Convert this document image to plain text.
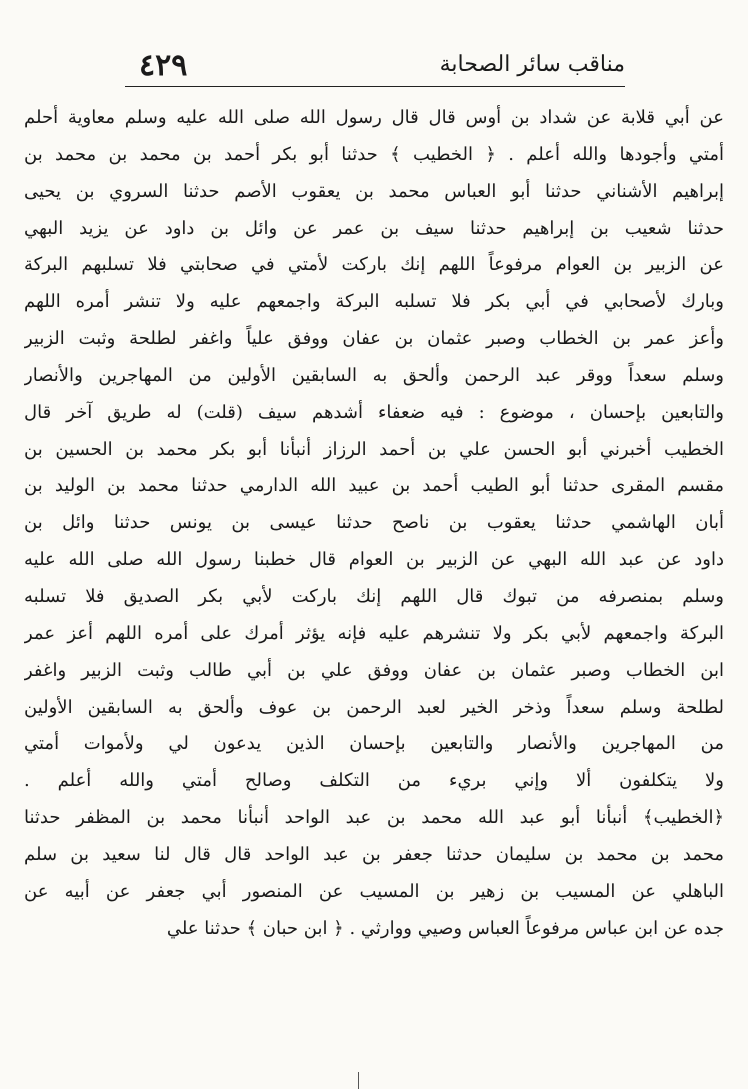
مناقب سائر الصحابة
٤٢٩
عن أبي قلابة عن شداد بن أوس قال قال رسول الله صلى الله عليه وسلم معاوية أحلم
أمتي وأجودها والله أعلم . ﴿ الخطيب ﴾ حدثنا أبو بكر أحمد بن محمد بن محمد بن
إبراهيم الأشناني حدثنا أبو العباس محمد بن يعقوب الأصم حدثنا السروي بن يحيى
حدثنا شعيب بن إبراهيم حدثنا سيف بن عمر عن وائل بن داود عن يزيد البهي
عن الزبير بن العوام مرفوعاً اللهم إنك باركت لأمتي في صحابتي فلا تسلبهم البركة
وبارك لأصحابي في أبي بكر فلا تسلبه البركة واجمعهم عليه ولا تنشر أمره اللهم
وأعز عمر بن الخطاب وصبر عثمان بن عفان ووفق علياً واغفر لطلحة وثبت الزبير
وسلم سعداً ووقر عبد الرحمن وألحق به السابقين الأولين من المهاجرين والأنصار
والتابعين بإحسان ، موضوع : فيه ضعفاء أشدهم سيف (قلت) له طريق آخر قال
الخطيب أخبرني أبو الحسن علي بن أحمد الرزاز أنبأنا أبو بكر محمد بن الحسين بن
مقسم المقرى حدثنا أبو الطيب أحمد بن عبيد الله الدارمي حدثنا محمد بن الوليد بن
أبان الهاشمي حدثنا يعقوب بن ناصح حدثنا عيسى بن يونس حدثنا وائل بن
داود عن عبد الله البهي عن الزبير بن العوام قال خطبنا رسول الله صلى الله عليه
وسلم بمنصرفه من تبوك قال اللهم إنك باركت لأبي بكر الصديق فلا تسلبه
البركة واجمعهم لأبي بكر ولا تنشرهم عليه فإنه يؤثر أمرك على أمره اللهم أعز عمر
ابن الخطاب وصبر عثمان بن عفان ووفق علي بن أبي طالب وثبت الزبير واغفر
لطلحة وسلم سعداً وذخر الخير لعبد الرحمن بن عوف وألحق به السابقين الأولين
من المهاجرين والأنصار والتابعين بإحسان الذين يدعون لي ولأموات أمتي
ولا يتكلفون ألا وإني بريء من التكلف وصالح أمتي والله أعلم .
﴿الخطيب﴾ أنبأنا أبو عبد الله محمد بن عبد الواحد أنبأنا محمد بن المظفر حدثنا
محمد بن محمد بن سليمان حدثنا جعفر بن عبد الواحد قال قال لنا سعيد بن سلم
الباهلي عن المسيب بن زهير بن المسيب عن المنصور أبي جعفر عن أبيه عن
جده عن ابن عباس مرفوعاً العباس وصيي ووارثي . ﴿ ابن حبان ﴾ حدثنا علي
